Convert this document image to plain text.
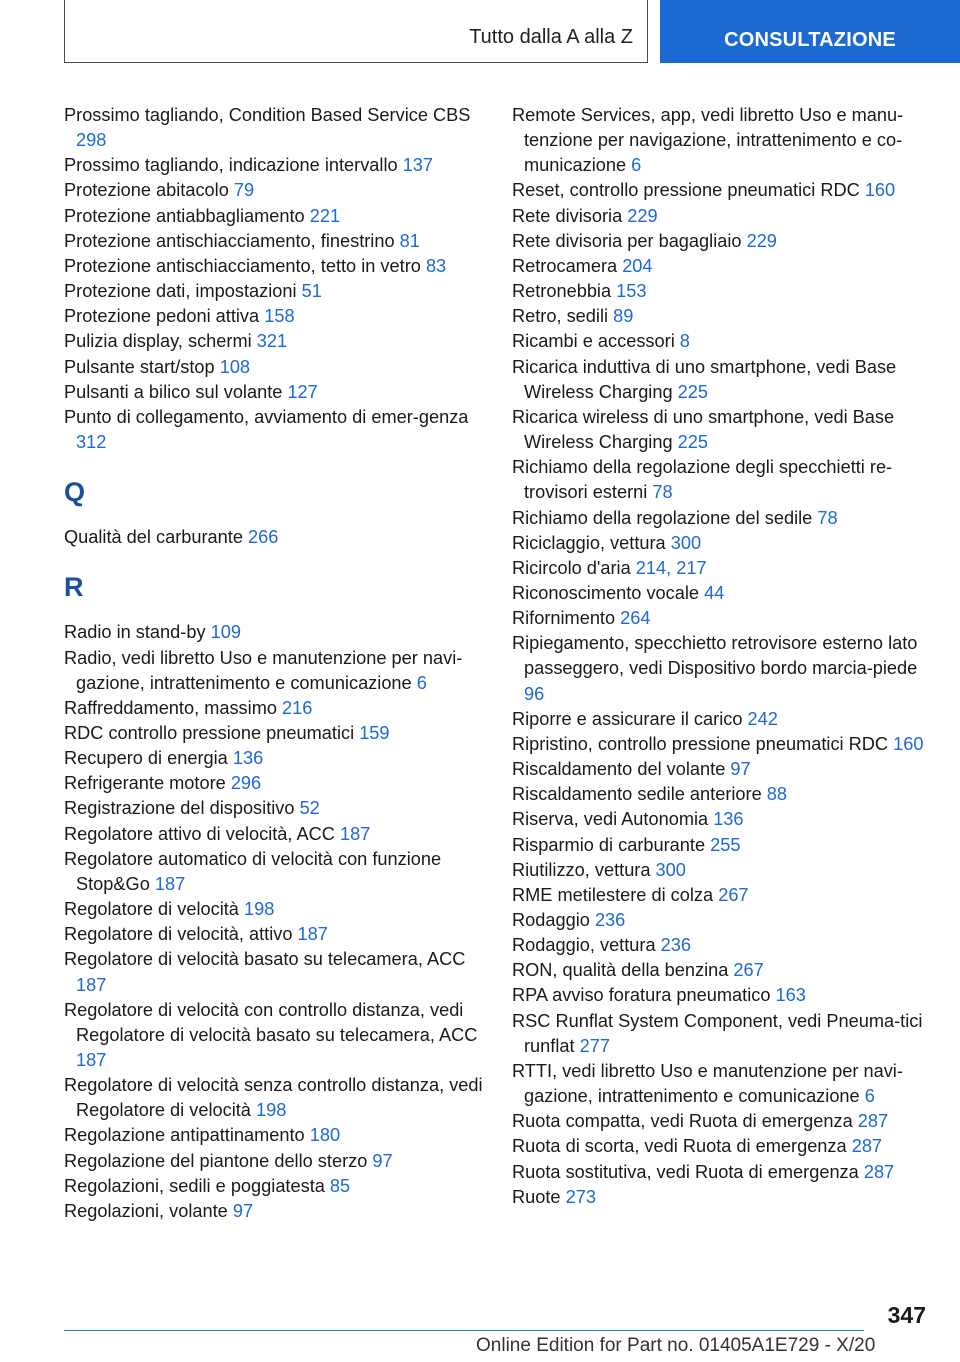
Tutto dalla A alla Z	CONSULTAZIONE
Prossimo tagliando, Condition Based Service CBS 298
Prossimo tagliando, indicazione intervallo 137
Protezione abitacolo 79
Protezione antiabbagliamento 221
Protezione antischiacciamento, finestrino 81
Protezione antischiacciamento, tetto in vetro 83
Protezione dati, impostazioni 51
Protezione pedoni attiva 158
Pulizia display, schermi 321
Pulsante start/stop 108
Pulsanti a bilico sul volante 127
Punto di collegamento, avviamento di emer-genza 312
Q
Qualità del carburante 266
R
Radio in stand-by 109
Radio, vedi libretto Uso e manutenzione per navi-gazione, intrattenimento e comunicazione 6
Raffreddamento, massimo 216
RDC controllo pressione pneumatici 159
Recupero di energia 136
Refrigerante motore 296
Registrazione del dispositivo 52
Regolatore attivo di velocità, ACC 187
Regolatore automatico di velocità con funzione Stop&Go 187
Regolatore di velocità 198
Regolatore di velocità, attivo 187
Regolatore di velocità basato su telecamera, ACC 187
Regolatore di velocità con controllo distanza, vedi Regolatore di velocità basato su telecamera, ACC 187
Regolatore di velocità senza controllo distanza, vedi Regolatore di velocità 198
Regolazione antipattinamento 180
Regolazione del piantone dello sterzo 97
Regolazioni, sedili e poggiatesta 85
Regolazioni, volante 97
Remote Services, app, vedi libretto Uso e manu-tenzione per navigazione, intrattenimento e co-municazione 6
Reset, controllo pressione pneumatici RDC 160
Rete divisoria 229
Rete divisoria per bagagliaio 229
Retrocamera 204
Retronebbia 153
Retro, sedili 89
Ricambi e accessori 8
Ricarica induttiva di uno smartphone, vedi Base Wireless Charging 225
Ricarica wireless di uno smartphone, vedi Base Wireless Charging 225
Richiamo della regolazione degli specchietti re-trovisori esterni 78
Richiamo della regolazione del sedile 78
Riciclaggio, vettura 300
Ricircolo d'aria 214, 217
Riconoscimento vocale 44
Rifornimento 264
Ripiegamento, specchietto retrovisore esterno lato passeggero, vedi Dispositivo bordo marcia-piede 96
Riporre e assicurare il carico 242
Ripristino, controllo pressione pneumatici RDC 160
Riscaldamento del volante 97
Riscaldamento sedile anteriore 88
Riserva, vedi Autonomia 136
Risparmio di carburante 255
Riutilizzo, vettura 300
RME metilestere di colza 267
Rodaggio 236
Rodaggio, vettura 236
RON, qualità della benzina 267
RPA avviso foratura pneumatico 163
RSC Runflat System Component, vedi Pneuma-tici runflat 277
RTTI, vedi libretto Uso e manutenzione per navi-gazione, intrattenimento e comunicazione 6
Ruota compatta, vedi Ruota di emergenza 287
Ruota di scorta, vedi Ruota di emergenza 287
Ruota sostitutiva, vedi Ruota di emergenza 287
Ruote 273
347
Online Edition for Part no. 01405A1E729 - X/20
